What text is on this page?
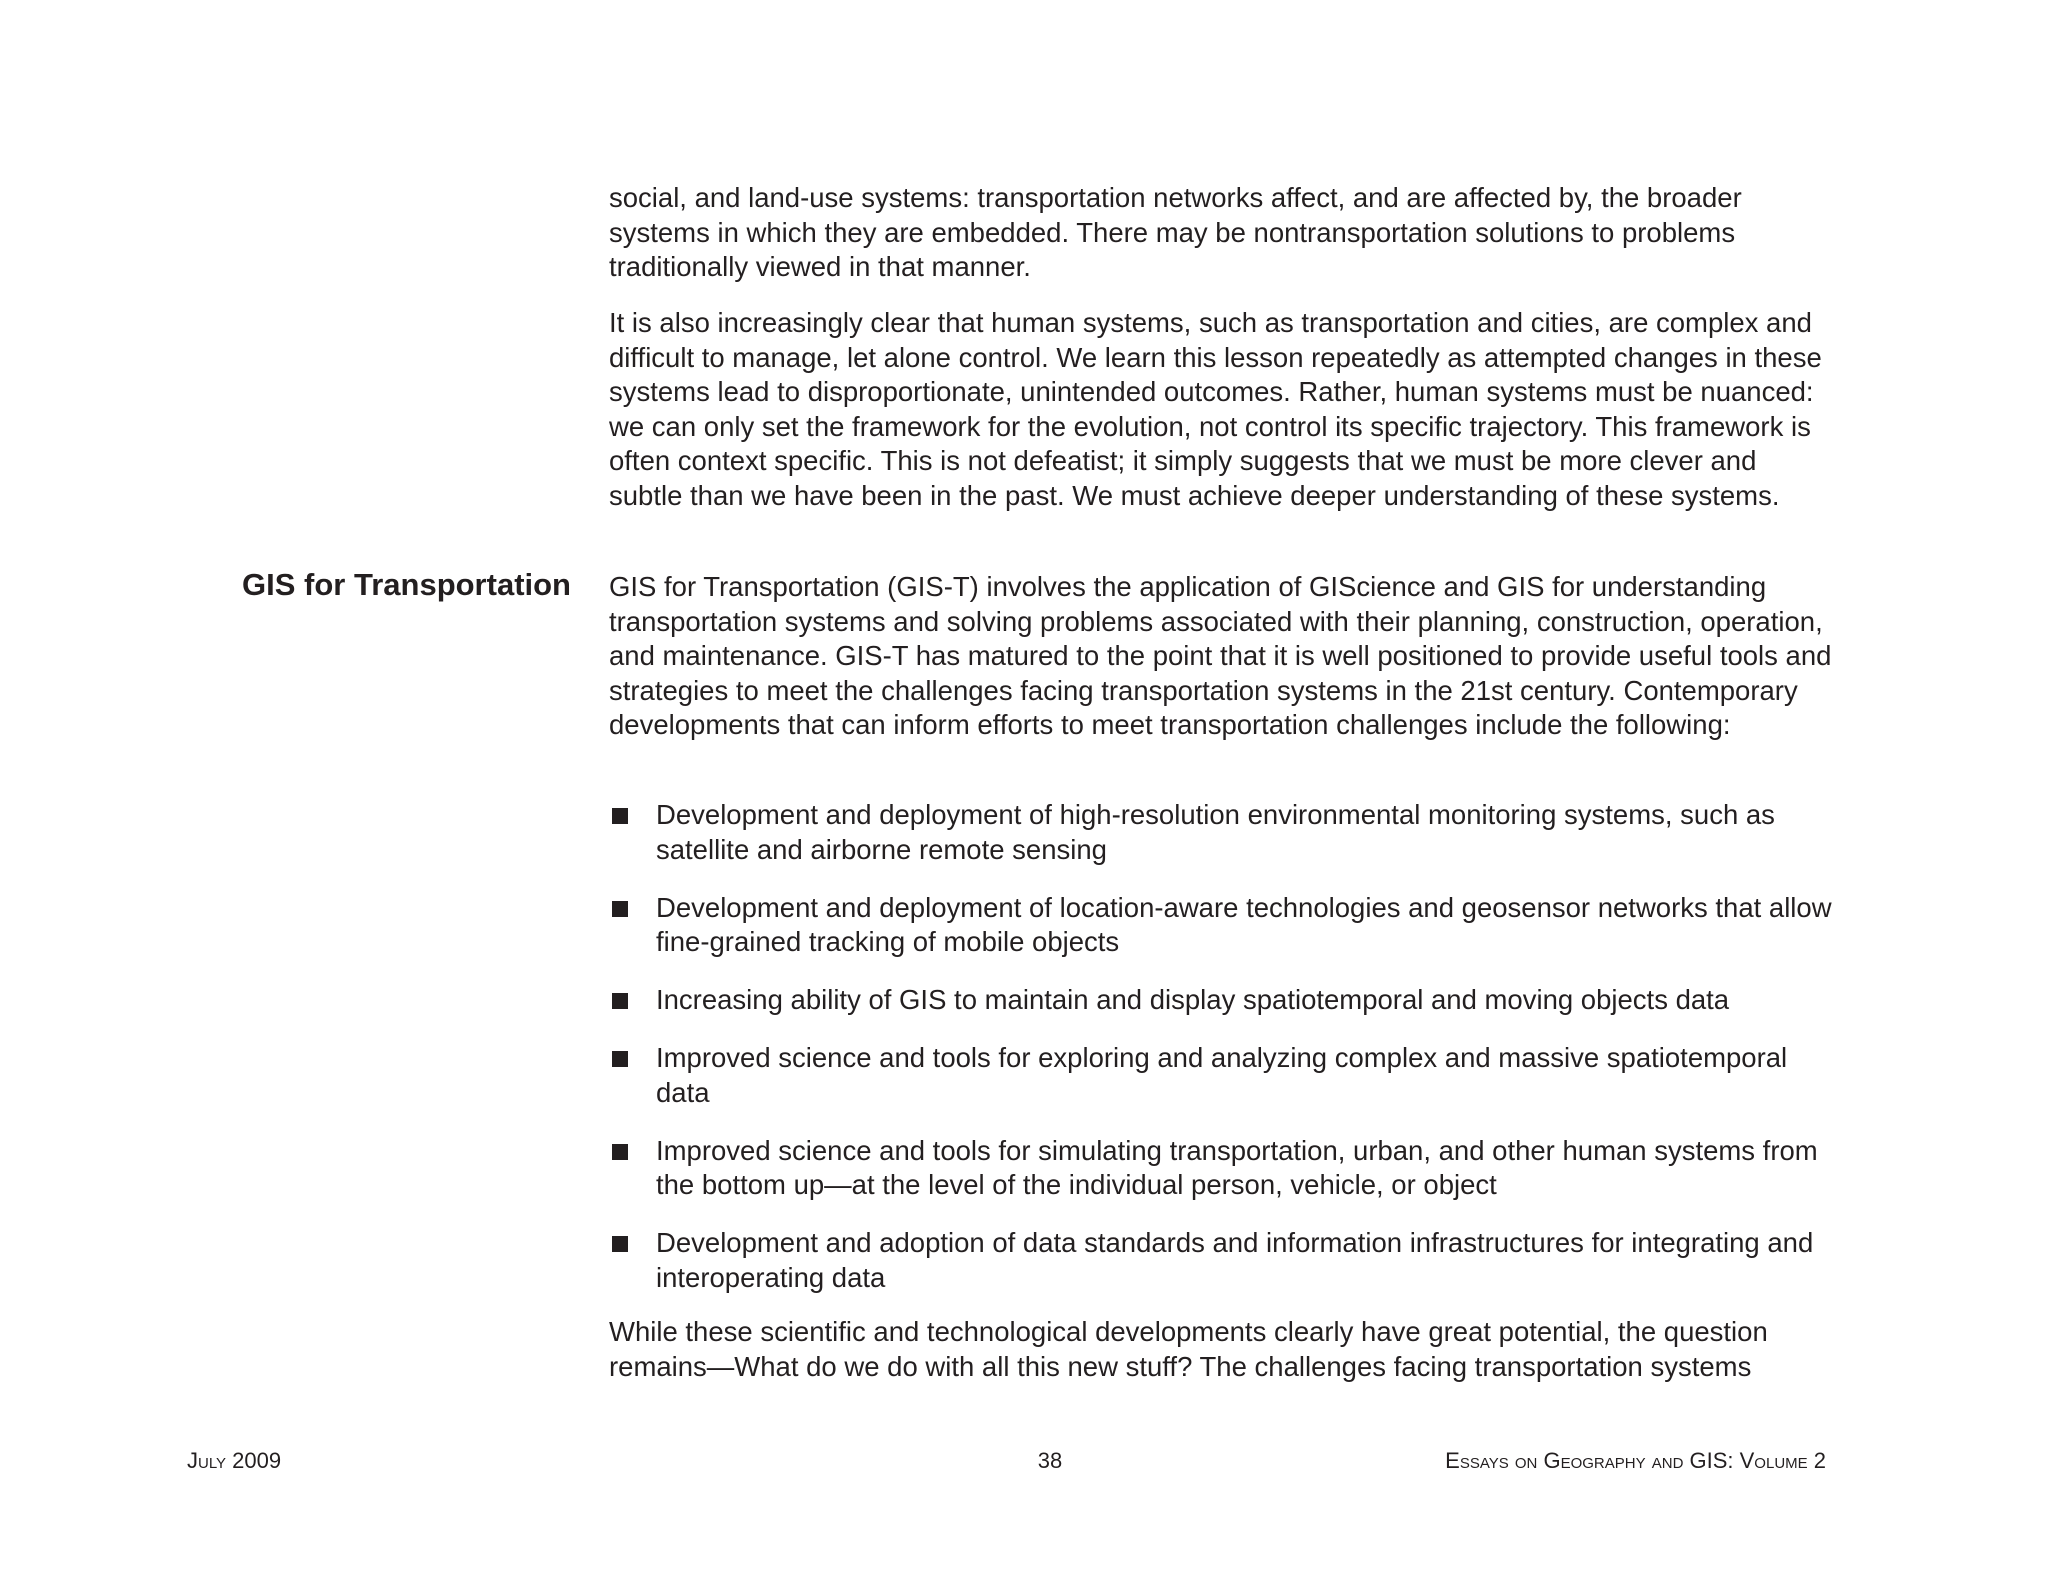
social, and land-use systems: transportation networks affect, and are affected by, the broader systems in which they are embedded. There may be nontransportation solutions to problems traditionally viewed in that manner.

It is also increasingly clear that human systems, such as transportation and cities, are complex and difficult to manage, let alone control. We learn this lesson repeatedly as attempted changes in these systems lead to disproportionate, unintended outcomes. Rather, human systems must be nuanced: we can only set the framework for the evolution, not control its specific trajectory. This framework is often context specific. This is not defeatist; it simply suggests that we must be more clever and subtle than we have been in the past. We must achieve deeper understanding of these systems.

GIS for Transportation GIS for Transportation (GIS-T) involves the application of GIScience and GIS for understanding transportation systems and solving problems associated with their planning, construction, operation, and maintenance. GIS-T has matured to the point that it is well positioned to provide useful tools and strategies to meet the challenges facing transportation systems in the 21st century. Contemporary developments that can inform efforts to meet transportation challenges include the following:

Development and deployment of high-resolution environmental monitoring systems, such as satellite and airborne remote sensing
Development and deployment of location-aware technologies and geosensor networks that allow fine-grained tracking of mobile objects
Increasing ability of GIS to maintain and display spatiotemporal and moving objects data
Improved science and tools for exploring and analyzing complex and massive spatiotemporal data
Improved science and tools for simulating transportation, urban, and other human systems from the bottom up—at the level of the individual person, vehicle, or object
Development and adoption of data standards and information infrastructures for integrating and interoperating data

While these scientific and technological developments clearly have great potential, the question remains—What do we do with all this new stuff? The challenges facing transportation systems

July 2009	38	Essays on Geography and GIS: Volume 2
